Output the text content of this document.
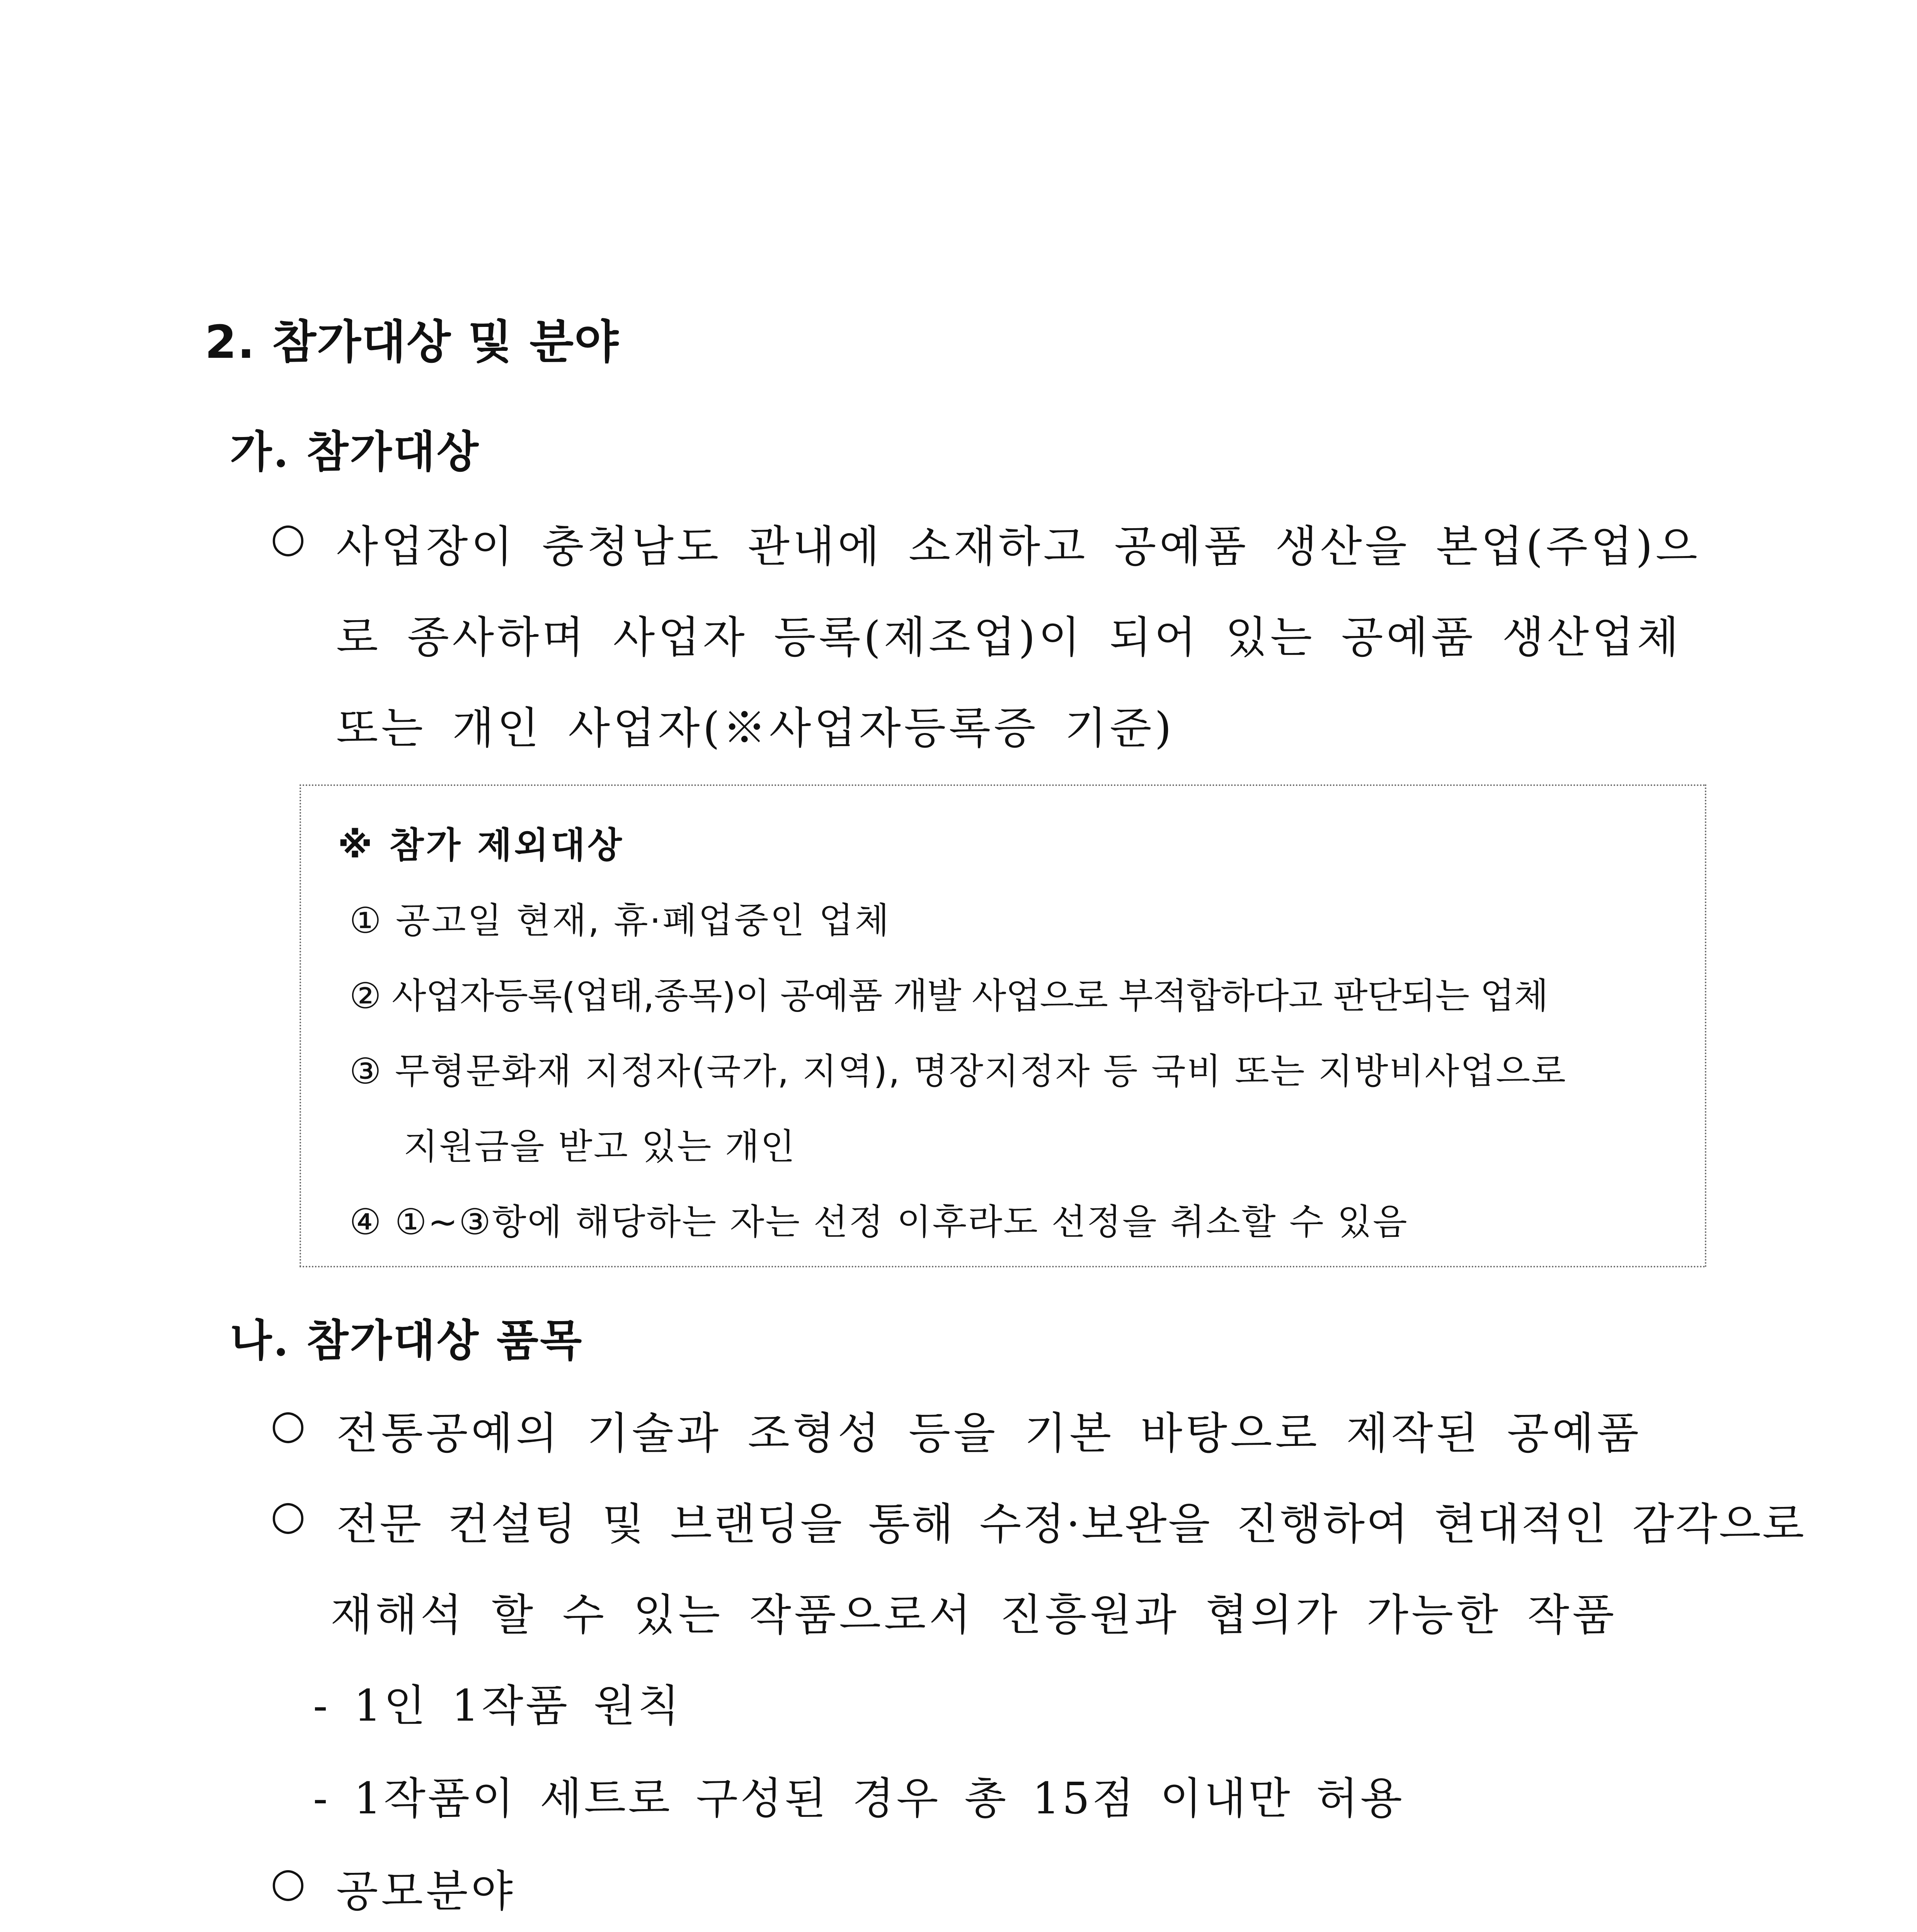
2. 참가대상 및 분야
가. 참가대상
○ 사업장이 충청남도 관내에 소재하고 공예품 생산을 본업(주업)으
로 종사하며 사업자 등록(제조업)이 되어 있는 공예품 생산업체
또는 개인 사업자(※사업자등록증 기준)
※ 참가 제외대상
① 공고일 현재, 휴·폐업중인 업체
② 사업자등록(업태,종목)이 공예품 개발 사업으로 부적합하다고 판단되는 업체
③ 무형문화재 지정자(국가, 지역), 명장지정자 등 국비 또는 지방비사업으로
지원금을 받고 있는 개인
④ ①~③항에 해당하는 자는 선정 이후라도 선정을 취소할 수 있음
나. 참가대상 품목
○ 전통공예의 기술과 조형성 등을 기본 바탕으로 제작된 공예품
○ 전문 컨설팅 및 브랜딩을 통해 수정·보완을 진행하여 현대적인 감각으로
재해석 할 수 있는 작품으로서 진흥원과 협의가 가능한 작품
- 1인 1작품 원칙
- 1작품이 세트로 구성된 경우 총 15점 이내만 허용
○ 공모분야
